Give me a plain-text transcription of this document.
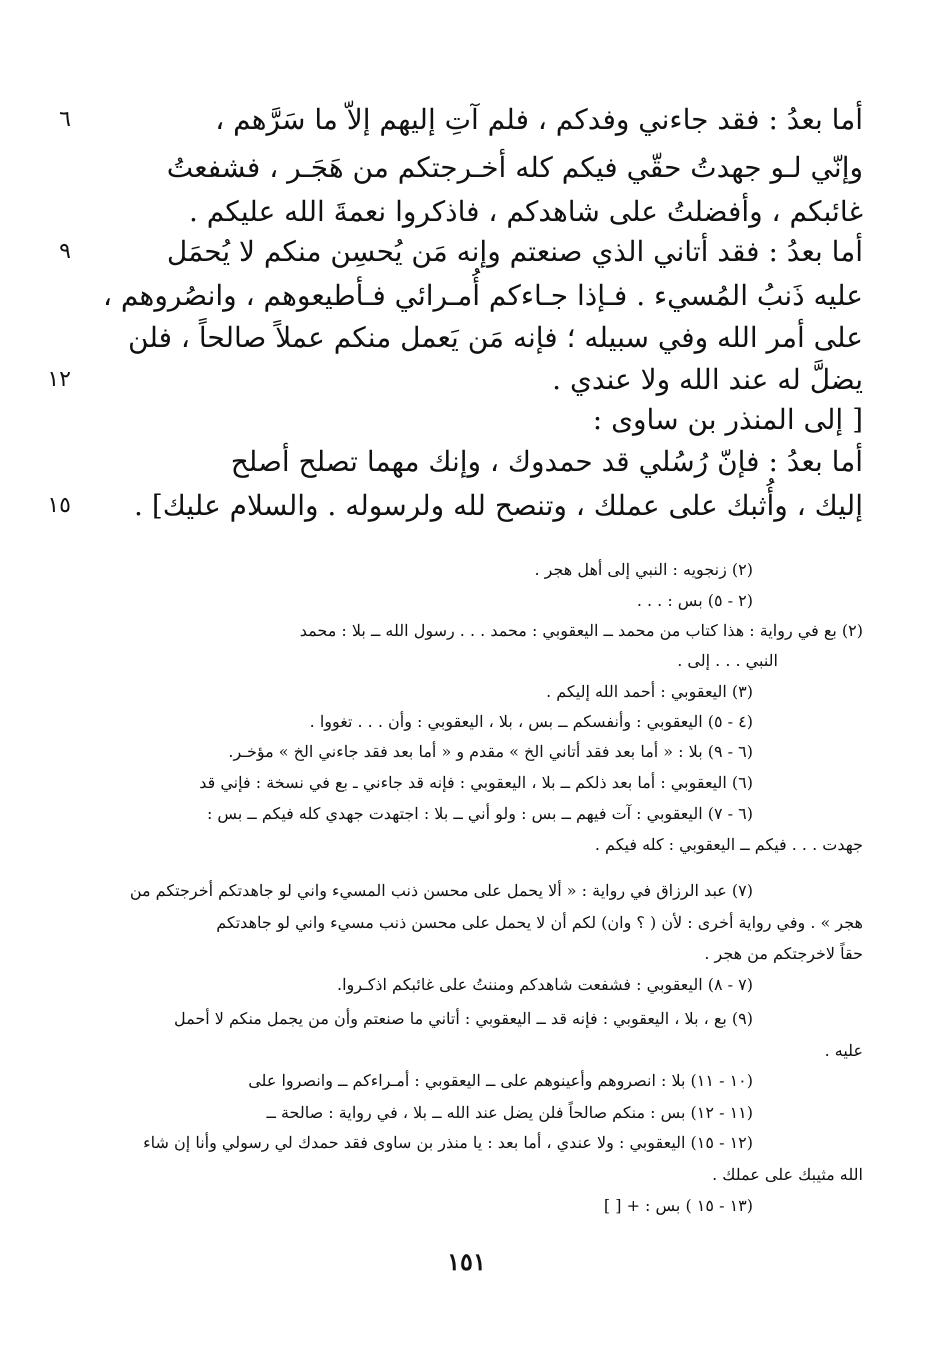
أما بعدُ : فقد جاءني وفدكم ، فلم آتِ إليهم إلاّ ما سَرَّهم ،
وإنّي لـو جهدتُ حقّي فيكم كله أخـرجتكم من هَجَـر ، فشفعتُ
غائبكم ، وأفضلتُ على شاهدكم ، فاذكروا نعمةَ الله عليكم .
أما بعدُ : فقد أتاني الذي صنعتم وإنه مَن يُحسِن منكم لا يُحمَل
عليه ذَنبُ المُسيء . فـإذا جـاءكم أُمـرائي فـأطيعوهم ، وانصُروهم ،
على أمر الله وفي سبيله ؛ فإنه مَن يَعمل منكم عملاً صالحاً ، فلن
يضلَّ له عند الله ولا عندي .
[ إلى المنذر بن ساوى :
أما بعدُ : فإنّ رُسُلي قد حمدوك ، وإنك مهما تصلح أصلح
إليك ، وأُثبك على عملك ، وتنصح لله ولرسوله . والسلام عليك] .
٦
٩
١٢
١٥
(٢) زنجويه : النبي إلى أهل هجر .
(٢ - ٥) بس : . . .
(٢) بع في رواية : هذا كتاب من محمد ــ اليعقوبي : محمد . . . رسول الله ــ بلا : محمد
النبي . . . إلى .
(٣) اليعقوبي : أحمد الله إليكم .
(٤ - ٥) اليعقوبي : وأنفسكم ــ بس ، بلا ، اليعقوبي : وأن . . . تغووا .
(٦ - ٩) بلا : « أما بعد فقد أتاني الخ » مقدم و « أما بعد فقد جاءني الخ » مؤخـر.
(٦) اليعقوبي : أما بعد ذلكم ــ بلا ، اليعقوبي : فإنه قد جاءني ـ بع في نسخة : فإني قد
(٦ - ٧) اليعقوبي : آت فيهم ــ بس : ولو أني ــ بلا : اجتهدت جهدي كله فيكم ــ بس :
جهدت . . . فيكم ــ اليعقوبي : كله فيكم .
(٧) عبد الرزاق في رواية : « ألا يحمل على محسن ذنب المسيء واني لو جاهدتكم أخرجتكم من
هجر » . وفي رواية أخرى : لأن ( ؟ وان) لكم أن لا يحمل على محسن ذنب مسيء واني لو جاهدتكم
حقاً لاخرجتكم من هجر .
(٧ - ٨) اليعقوبي : فشفعت شاهدكم ومننتُ على غائبكم اذكـروا.
(٩) بع ، بلا ، اليعقوبي : فإنه قد ــ اليعقوبي : أتاني ما صنعتم وأن من يجمل منكم لا أحمل
عليه .
(١٠ - ١١) بلا : انصروهم وأعينوهم على ــ اليعقوبي : أمـراءكم ــ وانصروا على
(١١ - ١٢) بس : منكم صالحاً فلن يضل عند الله ــ بلا ، في رواية : صالحة ــ
(١٢ - ١٥) اليعقوبي : ولا عندي ، أما بعد : يا منذر بن ساوى فقد حمدك لي رسولي وأنا إن شاء
الله مثيبك على عملك .
(١٣ - ١٥ ) بس : + [ ]
١٥١
